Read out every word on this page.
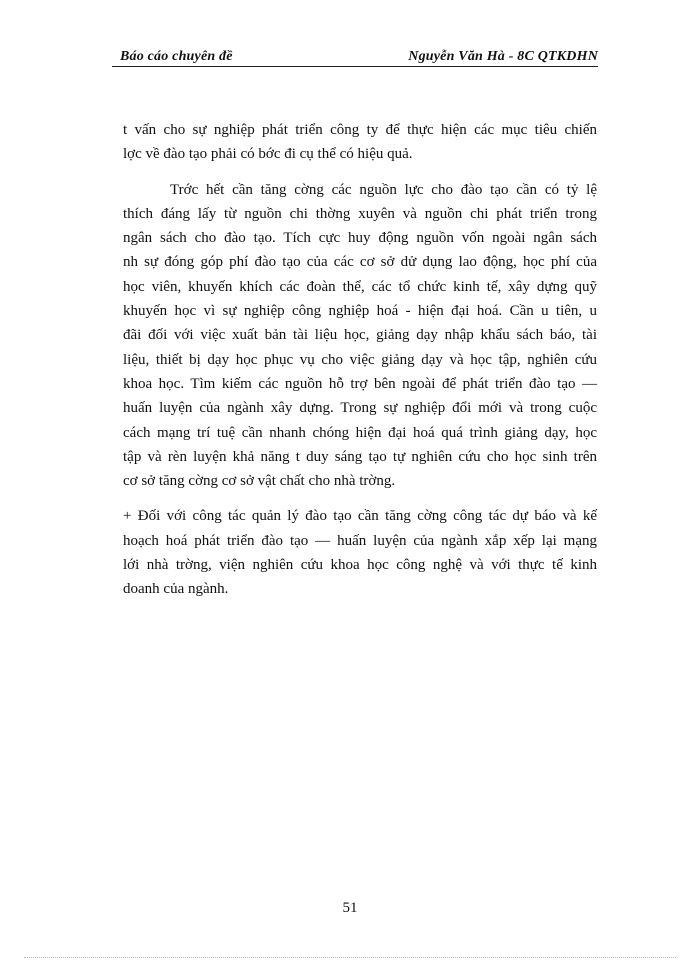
Báo cáo chuyên đề	Nguyễn Văn Hà - 8C QTKDHN
t vấn cho sự nghiệp phát triển công ty để thực hiện các mục tiêu chiến
lợc về đào tạo phải có bớc đi cụ thể có hiệu quả.
Trớc hết cần tăng cờng các nguồn lực cho đào tạo cần có tỷ lệ
thích đáng lấy từ nguồn chi thờng xuyên và nguồn chi phát triển trong
ngân sách cho đào tạo. Tích cực huy động nguồn vốn ngoài ngân sách
nh sự đóng góp phí đào tạo của các cơ sở dử dụng lao động, học phí của
học viên, khuyến khích các đoàn thể, các tổ chức kinh tế, xây dựng quỹ
khuyến học vì sự nghiệp công nghiệp hoá - hiện đại hoá. Cần u tiên, u
đãi đối với việc xuất bản tài liệu học, giảng dạy nhập khẩu sách báo, tài
liệu, thiết bị dạy học phục vụ cho việc giảng dạy và học tập, nghiên cứu
khoa học. Tìm kiếm các nguồn hỗ trợ bên ngoài để phát triển đào tạo —
huấn luyện của ngành xây dựng. Trong sự nghiệp đổi mới và trong cuộc
cách mạng trí tuệ cần nhanh chóng hiện đại hoá quá trình giảng dạy, học
tập và rèn luyện khả năng t duy sáng tạo tự nghiên cứu cho học sinh trên
cơ sở tăng cờng cơ sở vật chất cho nhà trờng.
+ Đối với công tác quản lý đào tạo cần tăng cờng công tác dự báo và kế
hoạch hoá phát triển đào tạo — huấn luyện của ngành xắp xếp lại mạng
lới nhà trờng, viện nghiên cứu khoa học công nghệ và với thực tế kinh
doanh của ngành.
51
